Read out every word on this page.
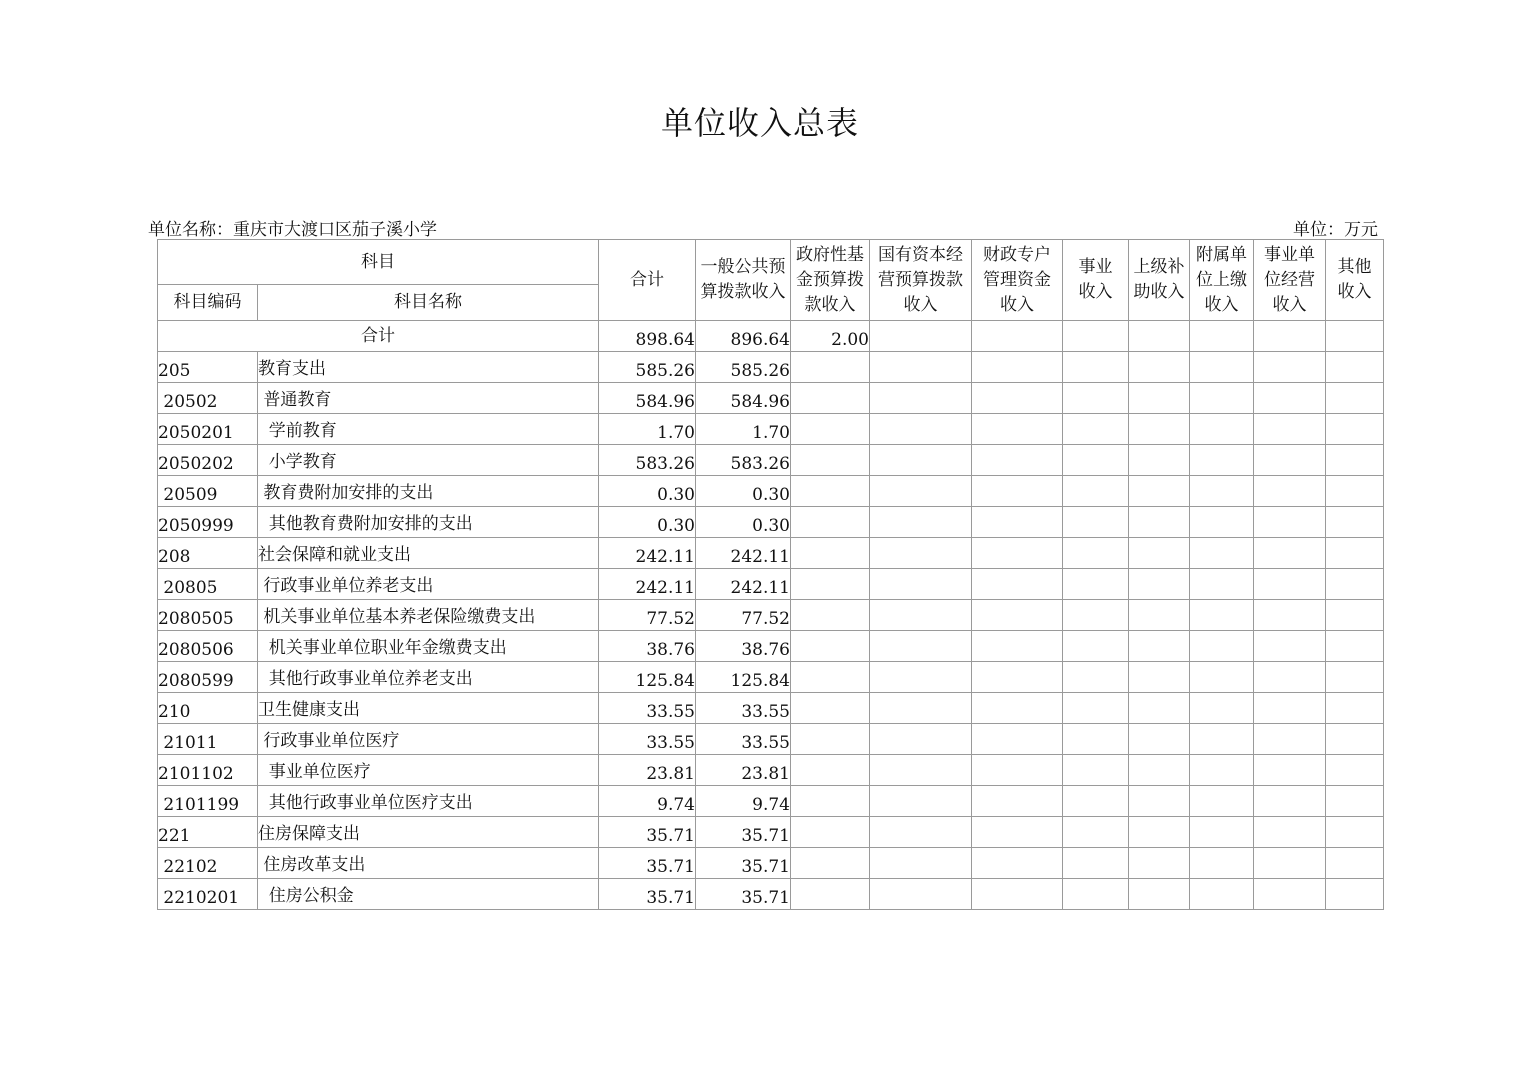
单位收入总表
单位名称：重庆市大渡口区茄子溪小学	单位：万元
科目		合计	一般公共预算拨款收入	政府性基金预算拨款收入	国有资本经营预算拨款收入	财政专户管理资金收入	事业收入	上级补助收入	附属单位上缴收入	事业单位经营收入	其他收入
科目编码	科目名称										
合计		898.64	896.64	2.00							
205	教育支出	585.26	585.26								
20502	普通教育	584.96	584.96								
2050201	学前教育	1.70	1.70								
2050202	小学教育	583.26	583.26								
20509	教育费附加安排的支出	0.30	0.30								
2050999	其他教育费附加安排的支出	0.30	0.30								
208	社会保障和就业支出	242.11	242.11								
20805	行政事业单位养老支出	242.11	242.11								
2080505	机关事业单位基本养老保险缴费支出	77.52	77.52								
2080506	机关事业单位职业年金缴费支出	38.76	38.76								
2080599	其他行政事业单位养老支出	125.84	125.84								
210	卫生健康支出	33.55	33.55								
21011	行政事业单位医疗	33.55	33.55								
2101102	事业单位医疗	23.81	23.81								
2101199	其他行政事业单位医疗支出	9.74	9.74								
221	住房保障支出	35.71	35.71								
22102	住房改革支出	35.71	35.71								
2210201	住房公积金	35.71	35.71								
